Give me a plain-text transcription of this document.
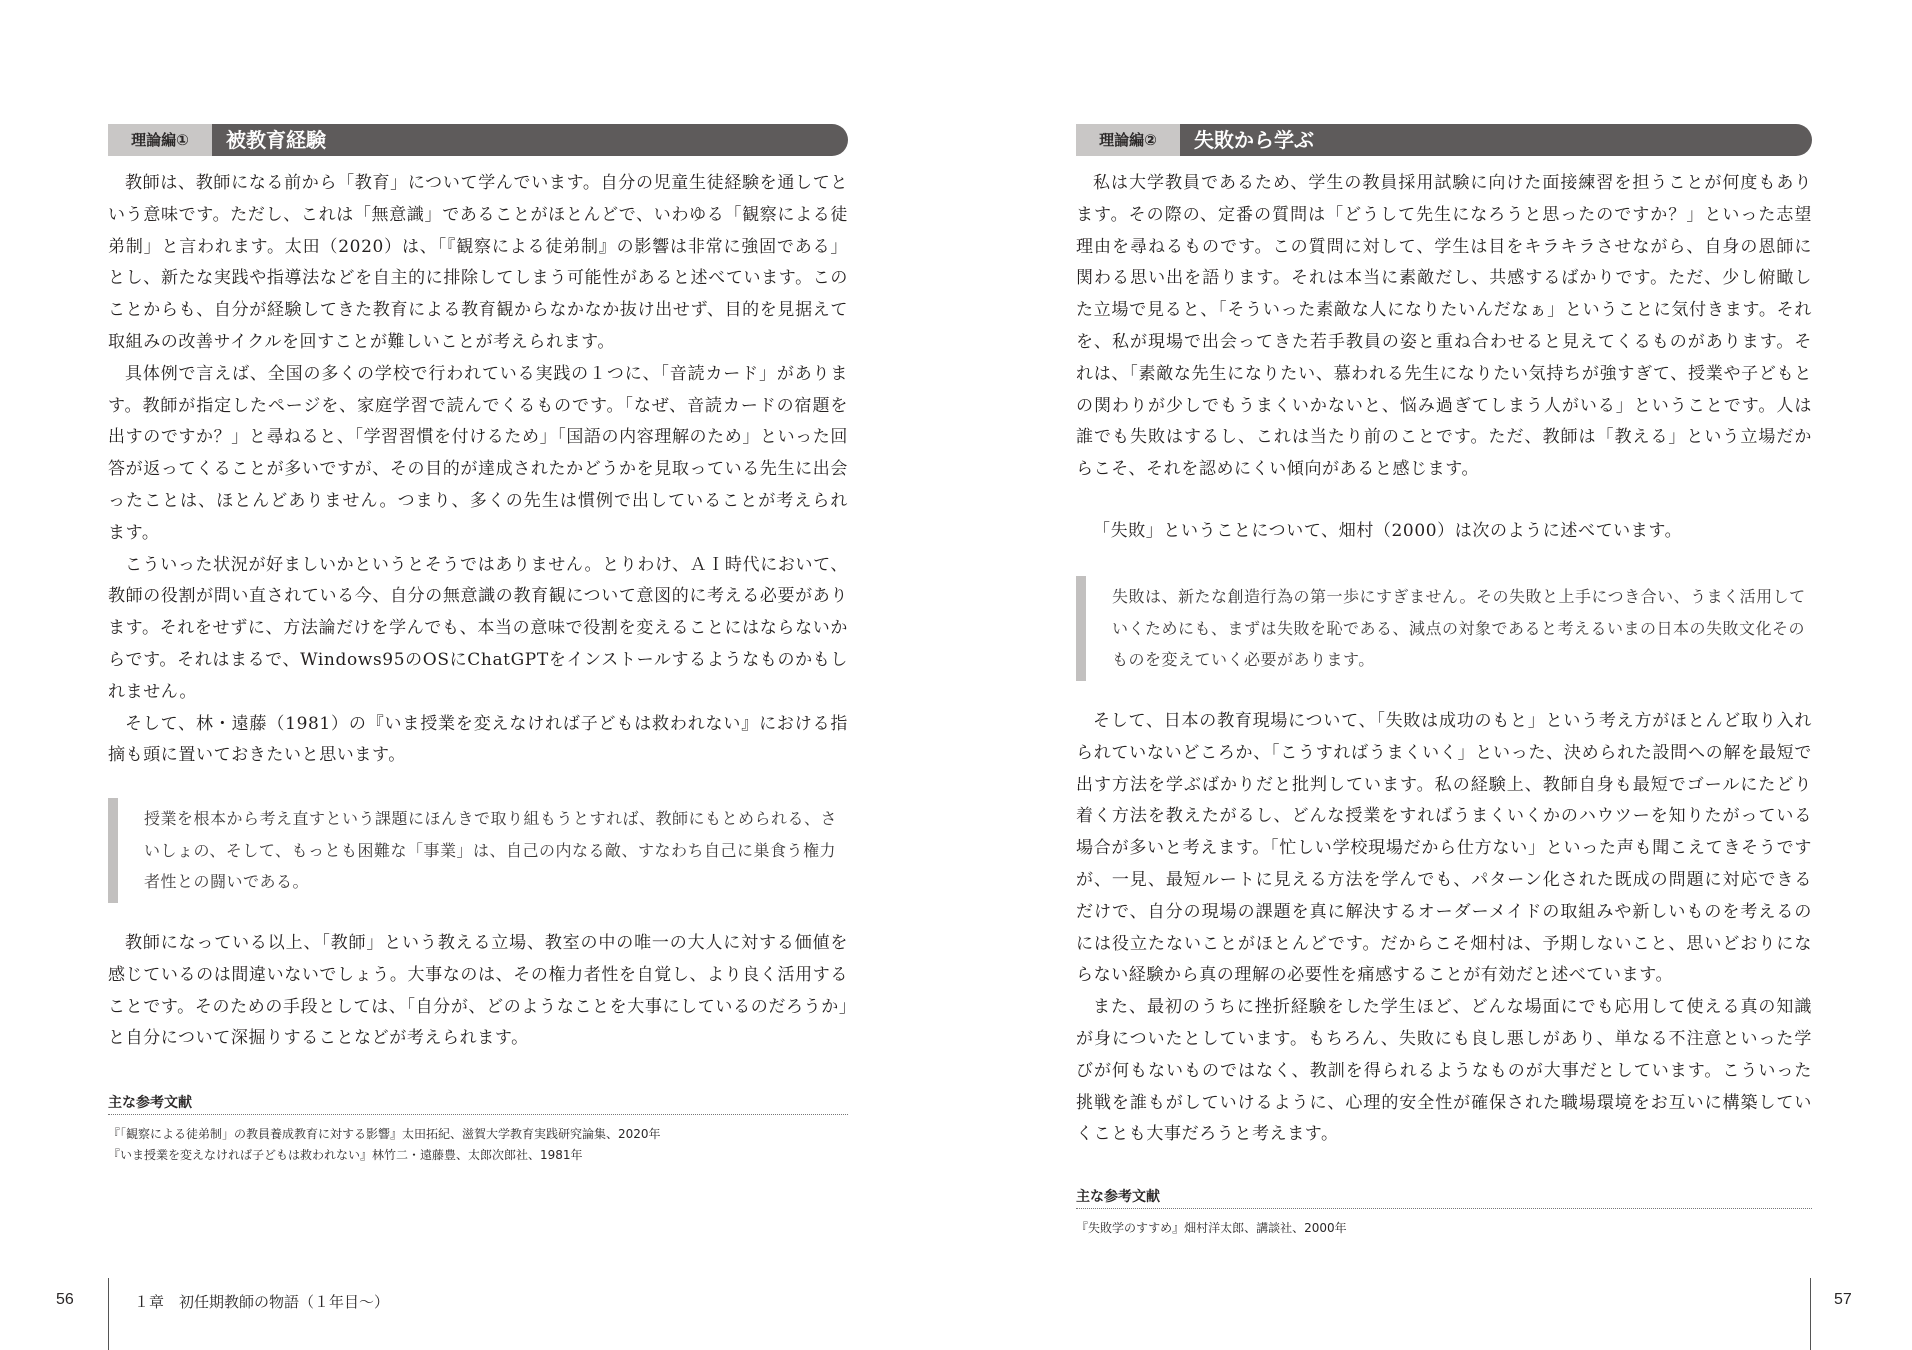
理論編①	被教育経験

教師は、教師になる前から「教育」について学んでいます。自分の児童生徒経験を通してという意味です。ただし、これは「無意識」であることがほとんどで、いわゆる「観察による徒弟制」と言われます。太田（2020）は、「『観察による徒弟制』の影響は非常に強固である」とし、新たな実践や指導法などを自主的に排除してしまう可能性があると述べています。このことからも、自分が経験してきた教育による教育観からなかなか抜け出せず、目的を見据えて取組みの改善サイクルを回すことが難しいことが考えられます。

具体例で言えば、全国の多くの学校で行われている実践の１つに、「音読カード」があります。教師が指定したページを、家庭学習で読んでくるものです。「なぜ、音読カードの宿題を出すのですか？」と尋ねると、「学習習慣を付けるため」「国語の内容理解のため」といった回答が返ってくることが多いですが、その目的が達成されたかどうかを見取っている先生に出会ったことは、ほとんどありません。つまり、多くの先生は慣例で出していることが考えられます。

こういった状況が好ましいかというとそうではありません。とりわけ、ＡＩ時代において、教師の役割が問い直されている今、自分の無意識の教育観について意図的に考える必要があります。それをせずに、方法論だけを学んでも、本当の意味で役割を変えることにはならないからです。それはまるで、Windows95のOSにChatGPTをインストールするようなものかもしれません。

そして、林・遠藤（1981）の『いま授業を変えなければ子どもは救われない』における指摘も頭に置いておきたいと思います。

授業を根本から考え直すという課題にほんきで取り組もうとすれば、教師にもとめられる、さいしょの、そして、もっとも困難な「事業」は、自己の内なる敵、すなわち自己に巣食う権力者性との闘いである。

教師になっている以上、「教師」という教える立場、教室の中の唯一の大人に対する価値を感じているのは間違いないでしょう。大事なのは、その権力者性を自覚し、より良く活用することです。そのための手段としては、「自分が、どのようなことを大事にしているのだろうか」と自分について深掘りすることなどが考えられます。

主な参考文献
『「観察による徒弟制」の教員養成教育に対する影響』太田拓紀、滋賀大学教育実践研究論集、2020年
『いま授業を変えなければ子どもは救われない』林竹二・遠藤豊、太郎次郎社、1981年
56	１章　初任期教師の物語（１年目〜）
理論編②	失敗から学ぶ

私は大学教員であるため、学生の教員採用試験に向けた面接練習を担うことが何度もあります。その際の、定番の質問は「どうして先生になろうと思ったのですか？」といった志望理由を尋ねるものです。この質問に対して、学生は目をキラキラさせながら、自身の恩師に関わる思い出を語ります。それは本当に素敵だし、共感するばかりです。ただ、少し俯瞰した立場で見ると、「そういった素敵な人になりたいんだなぁ」ということに気付きます。それを、私が現場で出会ってきた若手教員の姿と重ね合わせると見えてくるものがあります。それは、「素敵な先生になりたい、慕われる先生になりたい気持ちが強すぎて、授業や子どもとの関わりが少しでもうまくいかないと、悩み過ぎてしまう人がいる」ということです。人は誰でも失敗はするし、これは当たり前のことです。ただ、教師は「教える」という立場だからこそ、それを認めにくい傾向があると感じます。

「失敗」ということについて、畑村（2000）は次のように述べています。

失敗は、新たな創造行為の第一歩にすぎません。その失敗と上手につき合い、うまく活用していくためにも、まずは失敗を恥である、減点の対象であると考えるいまの日本の失敗文化そのものを変えていく必要があります。

そして、日本の教育現場について、「失敗は成功のもと」という考え方がほとんど取り入れられていないどころか、「こうすればうまくいく」といった、決められた設問への解を最短で出す方法を学ぶばかりだと批判しています。私の経験上、教師自身も最短でゴールにたどり着く方法を教えたがるし、どんな授業をすればうまくいくかのハウツーを知りたがっている場合が多いと考えます。「忙しい学校現場だから仕方ない」といった声も聞こえてきそうですが、一見、最短ルートに見える方法を学んでも、パターン化された既成の問題に対応できるだけで、自分の現場の課題を真に解決するオーダーメイドの取組みや新しいものを考えるのには役立たないことがほとんどです。だからこそ畑村は、予期しないこと、思いどおりにならない経験から真の理解の必要性を痛感することが有効だと述べています。

また、最初のうちに挫折経験をした学生ほど、どんな場面にでも応用して使える真の知識が身についたとしています。もちろん、失敗にも良し悪しがあり、単なる不注意といった学びが何もないものではなく、教訓を得られるようなものが大事だとしています。こういった挑戦を誰もがしていけるように、心理的安全性が確保された職場環境をお互いに構築していくことも大事だろうと考えます。

主な参考文献
『失敗学のすすめ』畑村洋太郎、講談社、2000年
57
